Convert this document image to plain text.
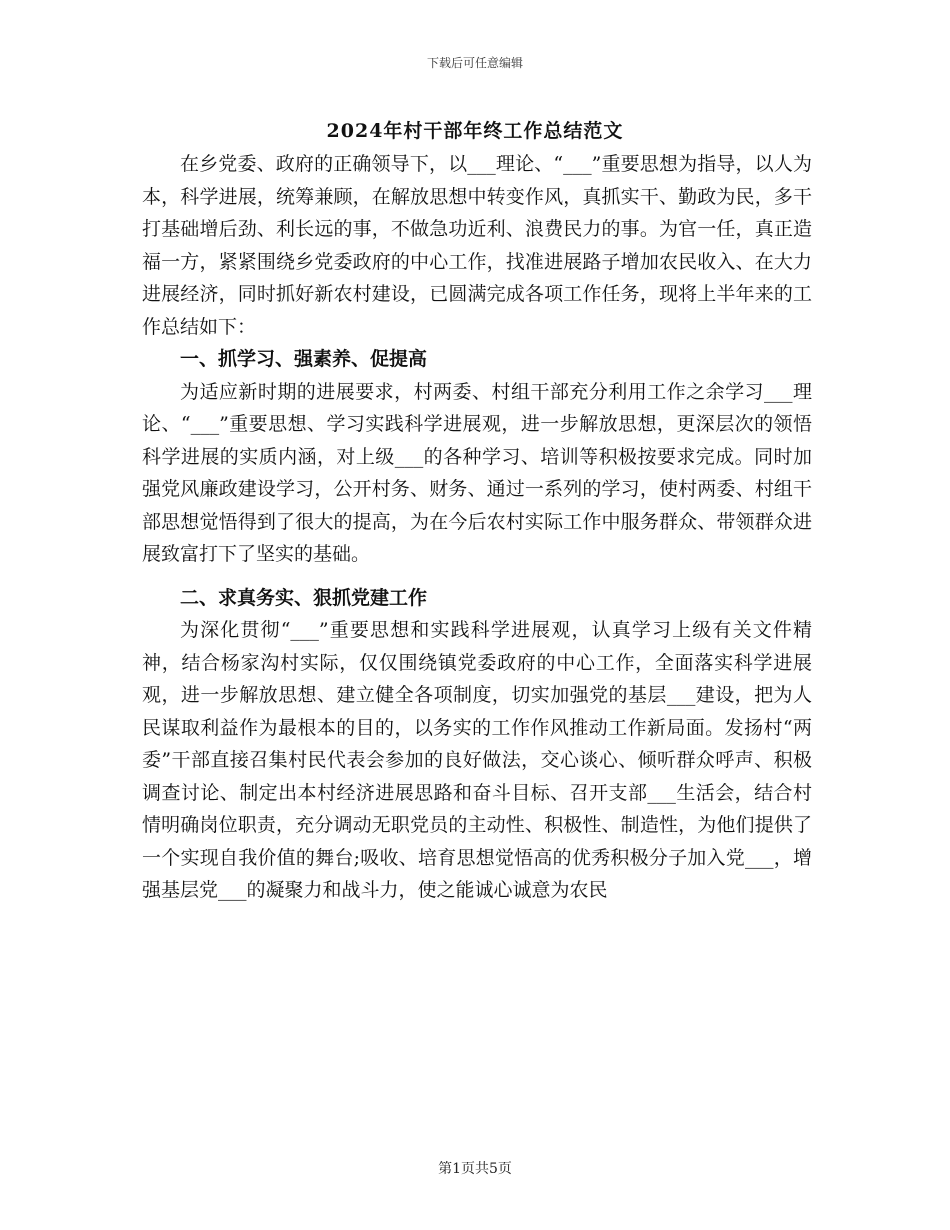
下载后可任意编辑
2024年村干部年终工作总结范文

在乡党委、政府的正确领导下，以___理论、“___”重要思想为指导，以人为本，科学进展，统筹兼顾，在解放思想中转变作风，真抓实干、勤政为民，多干打基础增后劲、利长远的事，不做急功近利、浪费民力的事。为官一任，真正造福一方，紧紧围绕乡党委政府的中心工作，找准进展路子增加农民收入、在大力进展经济，同时抓好新农村建设，已圆满完成各项工作任务，现将上半年来的工作总结如下：

一、抓学习、强素养、促提高

为适应新时期的进展要求，村两委、村组干部充分利用工作之余学习___理论、“___”重要思想、学习实践科学进展观，进一步解放思想，更深层次的领悟科学进展的实质内涵，对上级___的各种学习、培训等积极按要求完成。同时加强党风廉政建设学习，公开村务、财务、通过一系列的学习，使村两委、村组干部思想觉悟得到了很大的提高，为在今后农村实际工作中服务群众、带领群众进展致富打下了坚实的基础。

二、求真务实、狠抓党建工作

为深化贯彻“___”重要思想和实践科学进展观，认真学习上级有关文件精神，结合杨家沟村实际，仅仅围绕镇党委政府的中心工作，全面落实科学进展观，进一步解放思想、建立健全各项制度，切实加强党的基层___建设，把为人民谋取利益作为最根本的目的，以务实的工作作风推动工作新局面。发扬村“两委”干部直接召集村民代表会参加的良好做法，交心谈心、倾听群众呼声、积极调查讨论、制定出本村经济进展思路和奋斗目标、召开支部___生活会，结合村情明确岗位职责，充分调动无职党员的主动性、积极性、制造性，为他们提供了一个实现自我价值的舞台;吸收、培育思想觉悟高的优秀积极分子加入党___，增强基层党___的凝聚力和战斗力，使之能诚心诚意为农民

第1页共5页
